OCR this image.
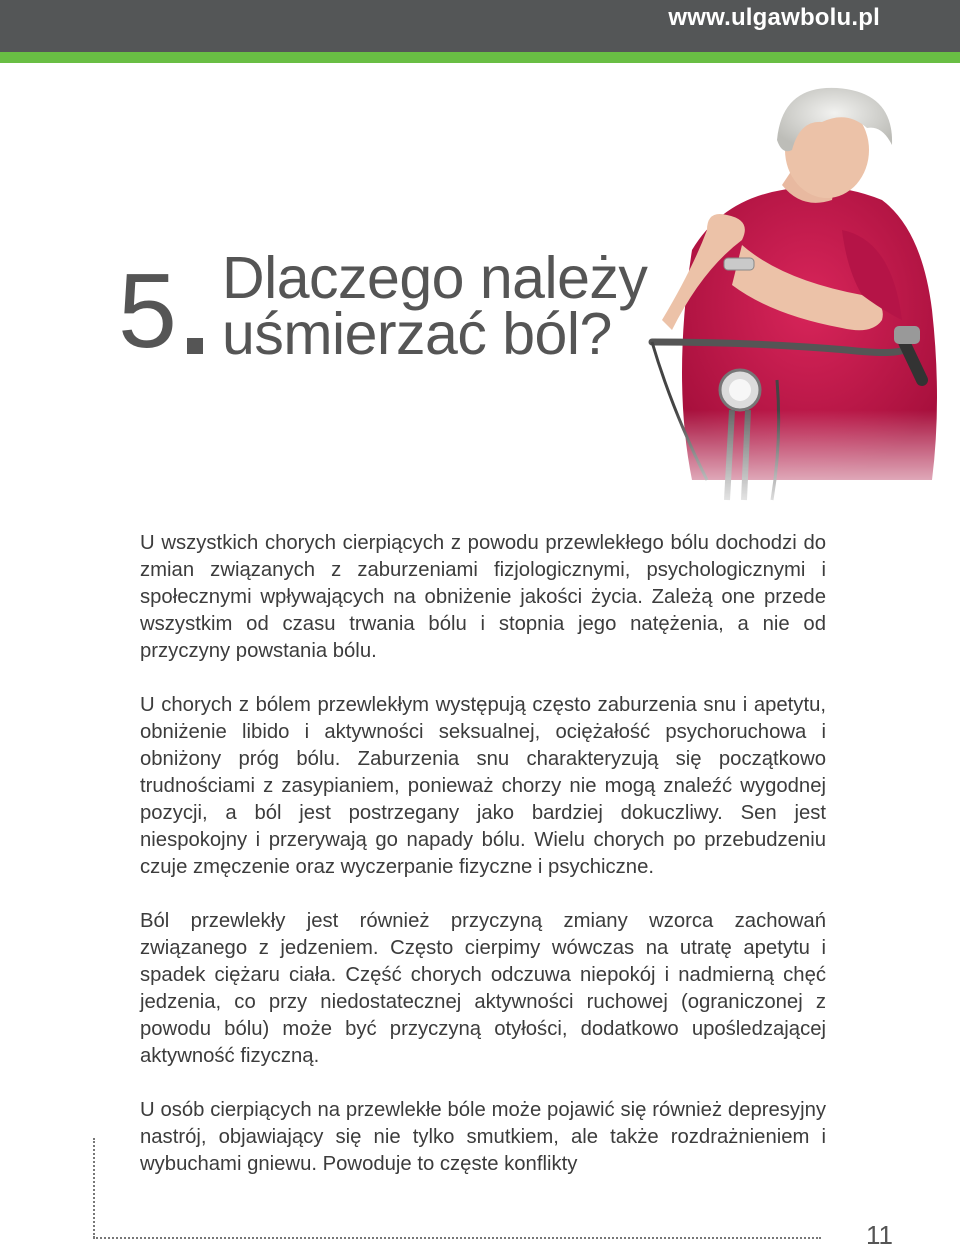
www.ulgawbolu.pl
5 Dlaczego należy
uśmierzać ból?

U wszystkich chorych cierpiących z powodu przewlekłego bólu dochodzi do zmian związanych z zaburzeniami fizjologicznymi, psychologicznymi i społecznymi wpływających na obniżenie jakości życia. Zależą one przede wszystkim od czasu trwania bólu i stopnia jego natężenia, a nie od przyczyny powstania bólu.

U chorych z bólem przewlekłym występują często zaburzenia snu i apetytu, obniżenie libido i aktywności seksualnej, ociężałość psychoruchowa i obniżony próg bólu. Zaburzenia snu charakteryzują się początkowo trudnościami z zasypianiem, ponieważ chorzy nie mogą znaleźć wygodnej pozycji, a ból jest postrzegany jako bardziej dokuczliwy. Sen jest niespokojny i przerywają go napady bólu. Wielu chorych po przebudzeniu czuje zmęczenie oraz wyczerpanie fizyczne i psychiczne.

Ból przewlekły jest również przyczyną zmiany wzorca zachowań związanego z jedzeniem. Często cierpimy wówczas na utratę apetytu i spadek ciężaru ciała. Część chorych odczuwa niepokój i nadmierną chęć jedzenia, co przy niedostatecznej aktywności ruchowej (ograniczonej z powodu bólu) może być przyczyną otyłości, dodatkowo upośledzającej aktywność fizyczną.

U osób cierpiących na przewlekłe bóle może pojawić się również depresyjny nastrój, objawiający się nie tylko smutkiem, ale także rozdrażnieniem i wybuchami gniewu. Powoduje to częste konflikty

11
